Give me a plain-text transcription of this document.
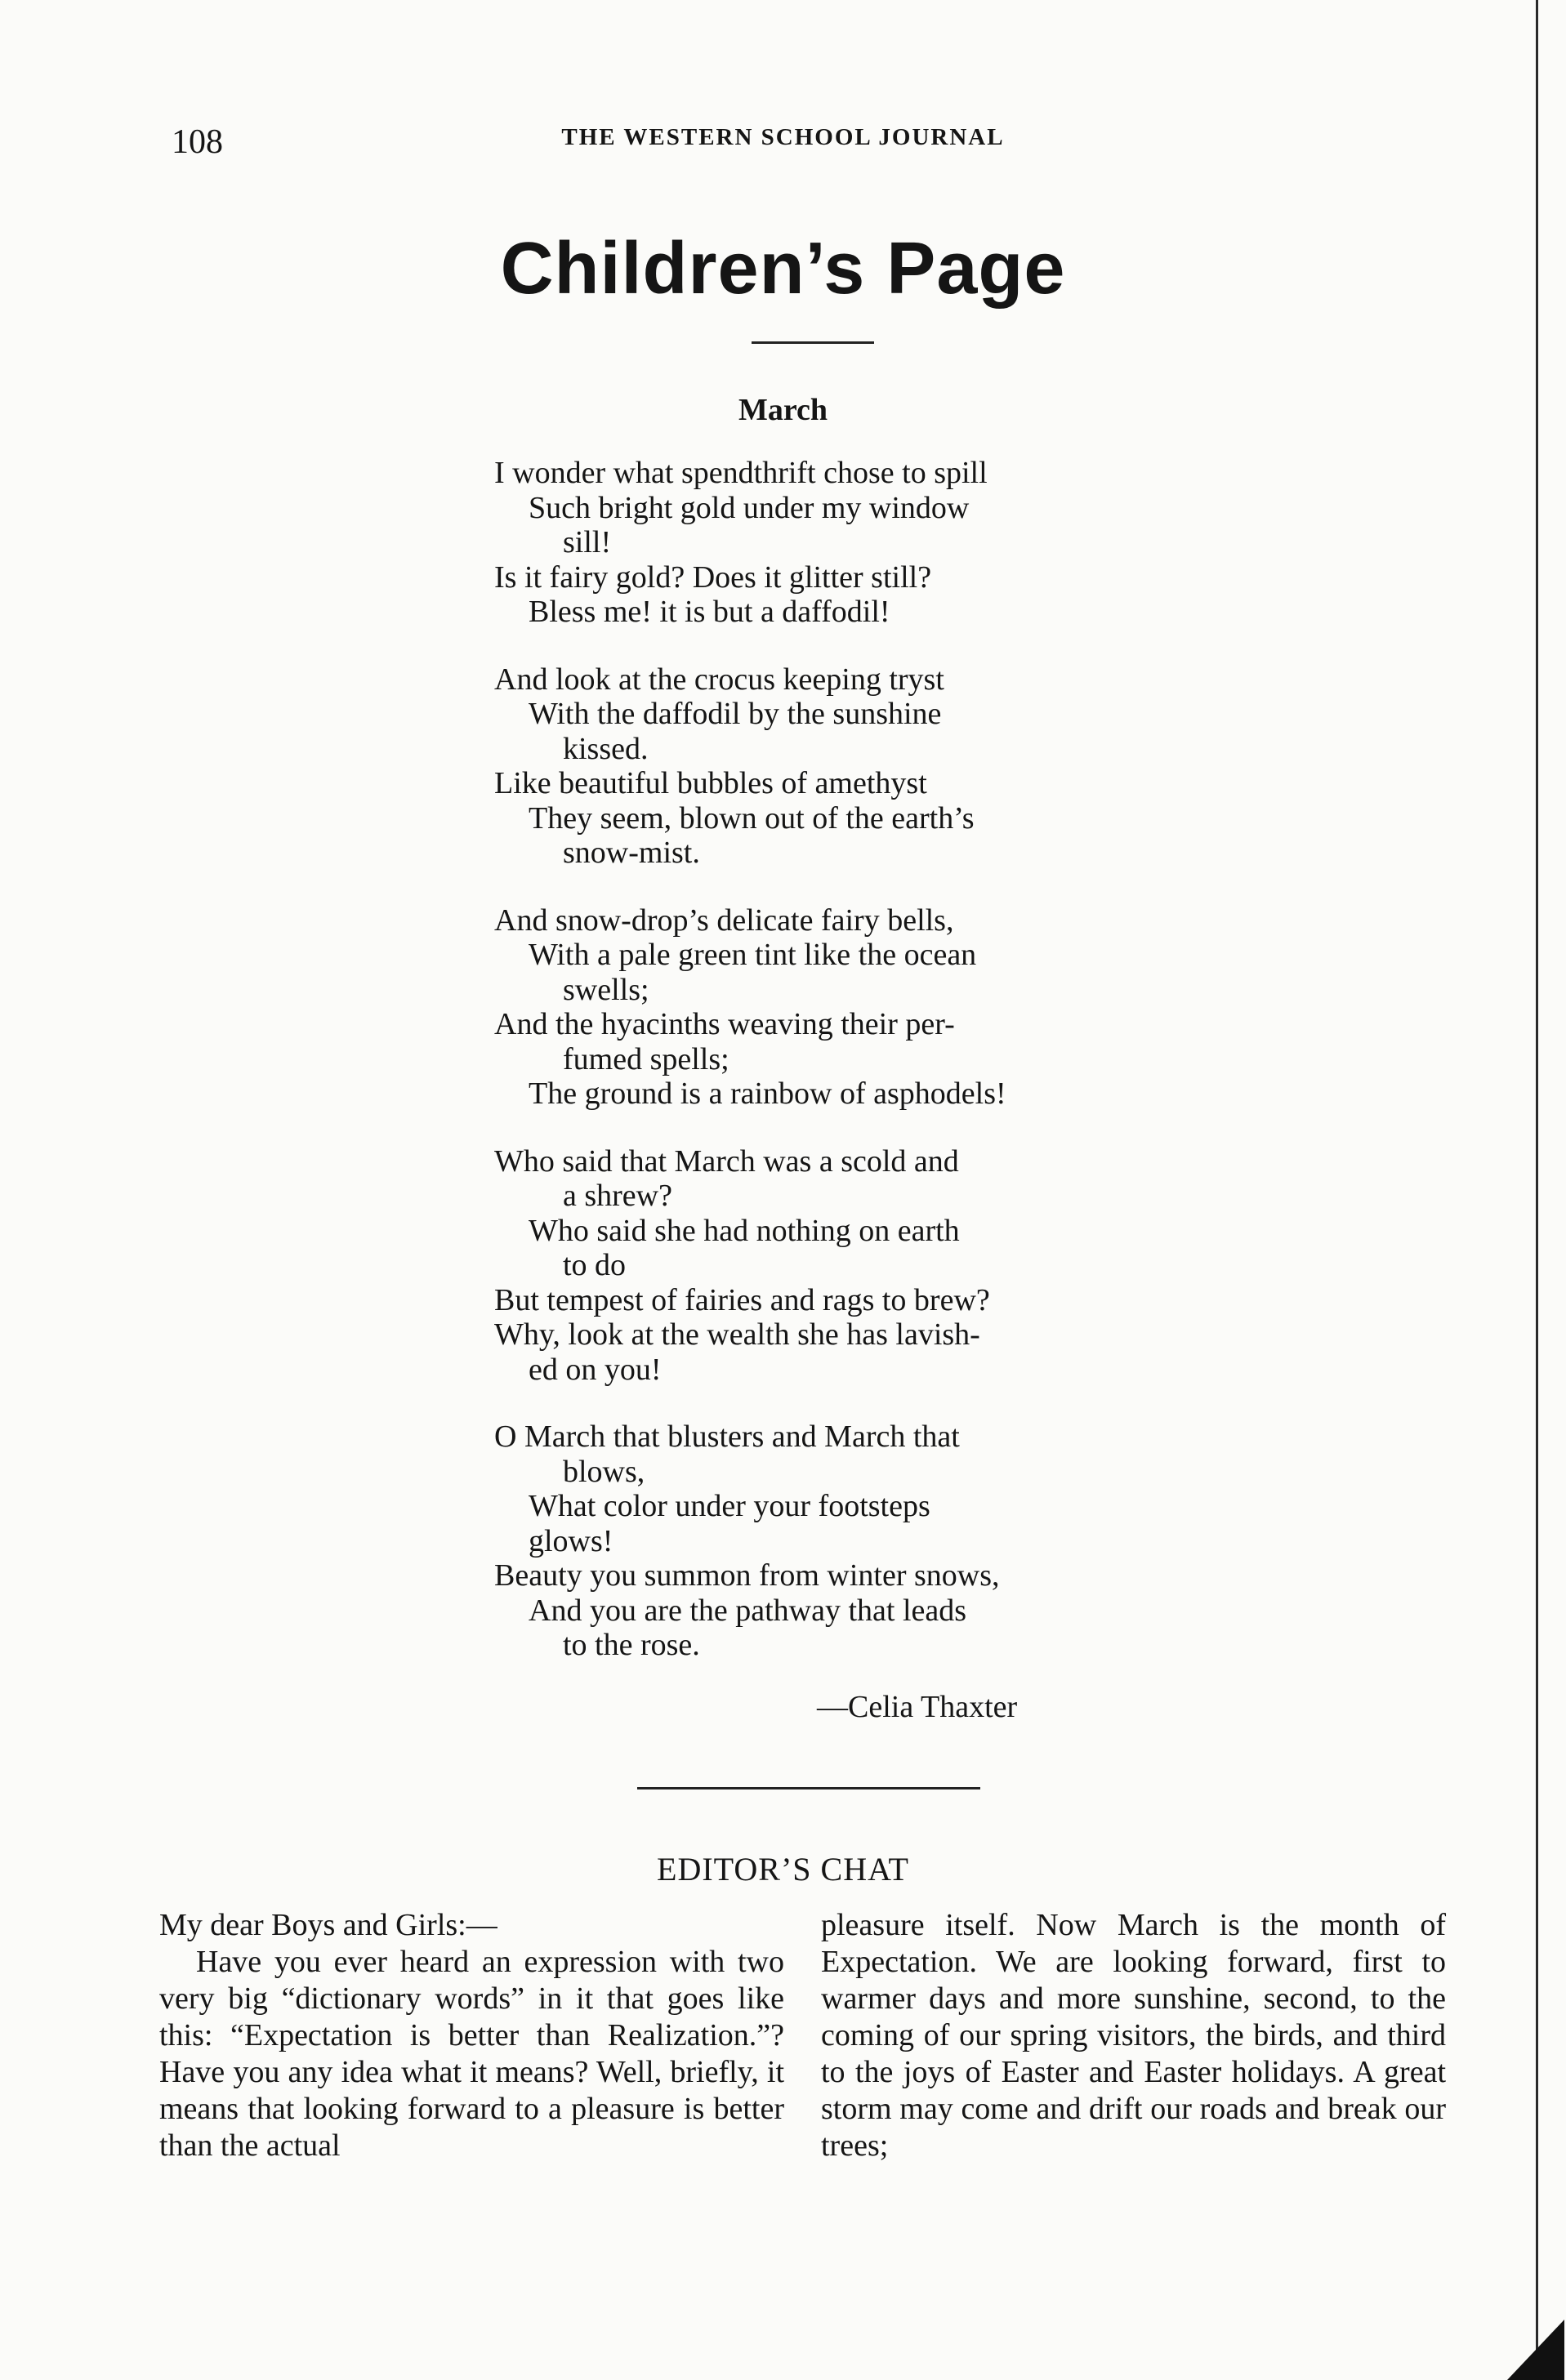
108	THE WESTERN SCHOOL JOURNAL
Children’s Page
March
I wonder what spendthrift chose to spill
Such bright gold under my window
sill!
Is it fairy gold? Does it glitter still?
Bless me! it is but a daffodil!
And look at the crocus keeping tryst
With the daffodil by the sunshine
kissed.
Like beautiful bubbles of amethyst
They seem, blown out of the earth’s
snow-mist.
And snow-drop’s delicate fairy bells,
With a pale green tint like the ocean
swells;
And the hyacinths weaving their per-
fumed spells;
The ground is a rainbow of asphodels!
Who said that March was a scold and
a shrew?
Who said she had nothing on earth
to do
But tempest of fairies and rags to brew?
Why, look at the wealth she has lavish-
ed on you!
O March that blusters and March that
blows,
What color under your footsteps
glows!
Beauty you summon from winter snows,
And you are the pathway that leads
to the rose.
—Celia Thaxter
EDITOR’S CHAT

My dear Boys and Girls:—

Have you ever heard an expression with two very big “dictionary words” in it that goes like this: “Expectation is better than Realization.”? Have you any idea what it means? Well, briefly, it means that looking forward to a pleasure is better than the actual

pleasure itself. Now March is the month of Expectation. We are looking forward, first to warmer days and more sunshine, second, to the coming of our spring visitors, the birds, and third to the joys of Easter and Easter holidays. A great storm may come and drift our roads and break our trees;
